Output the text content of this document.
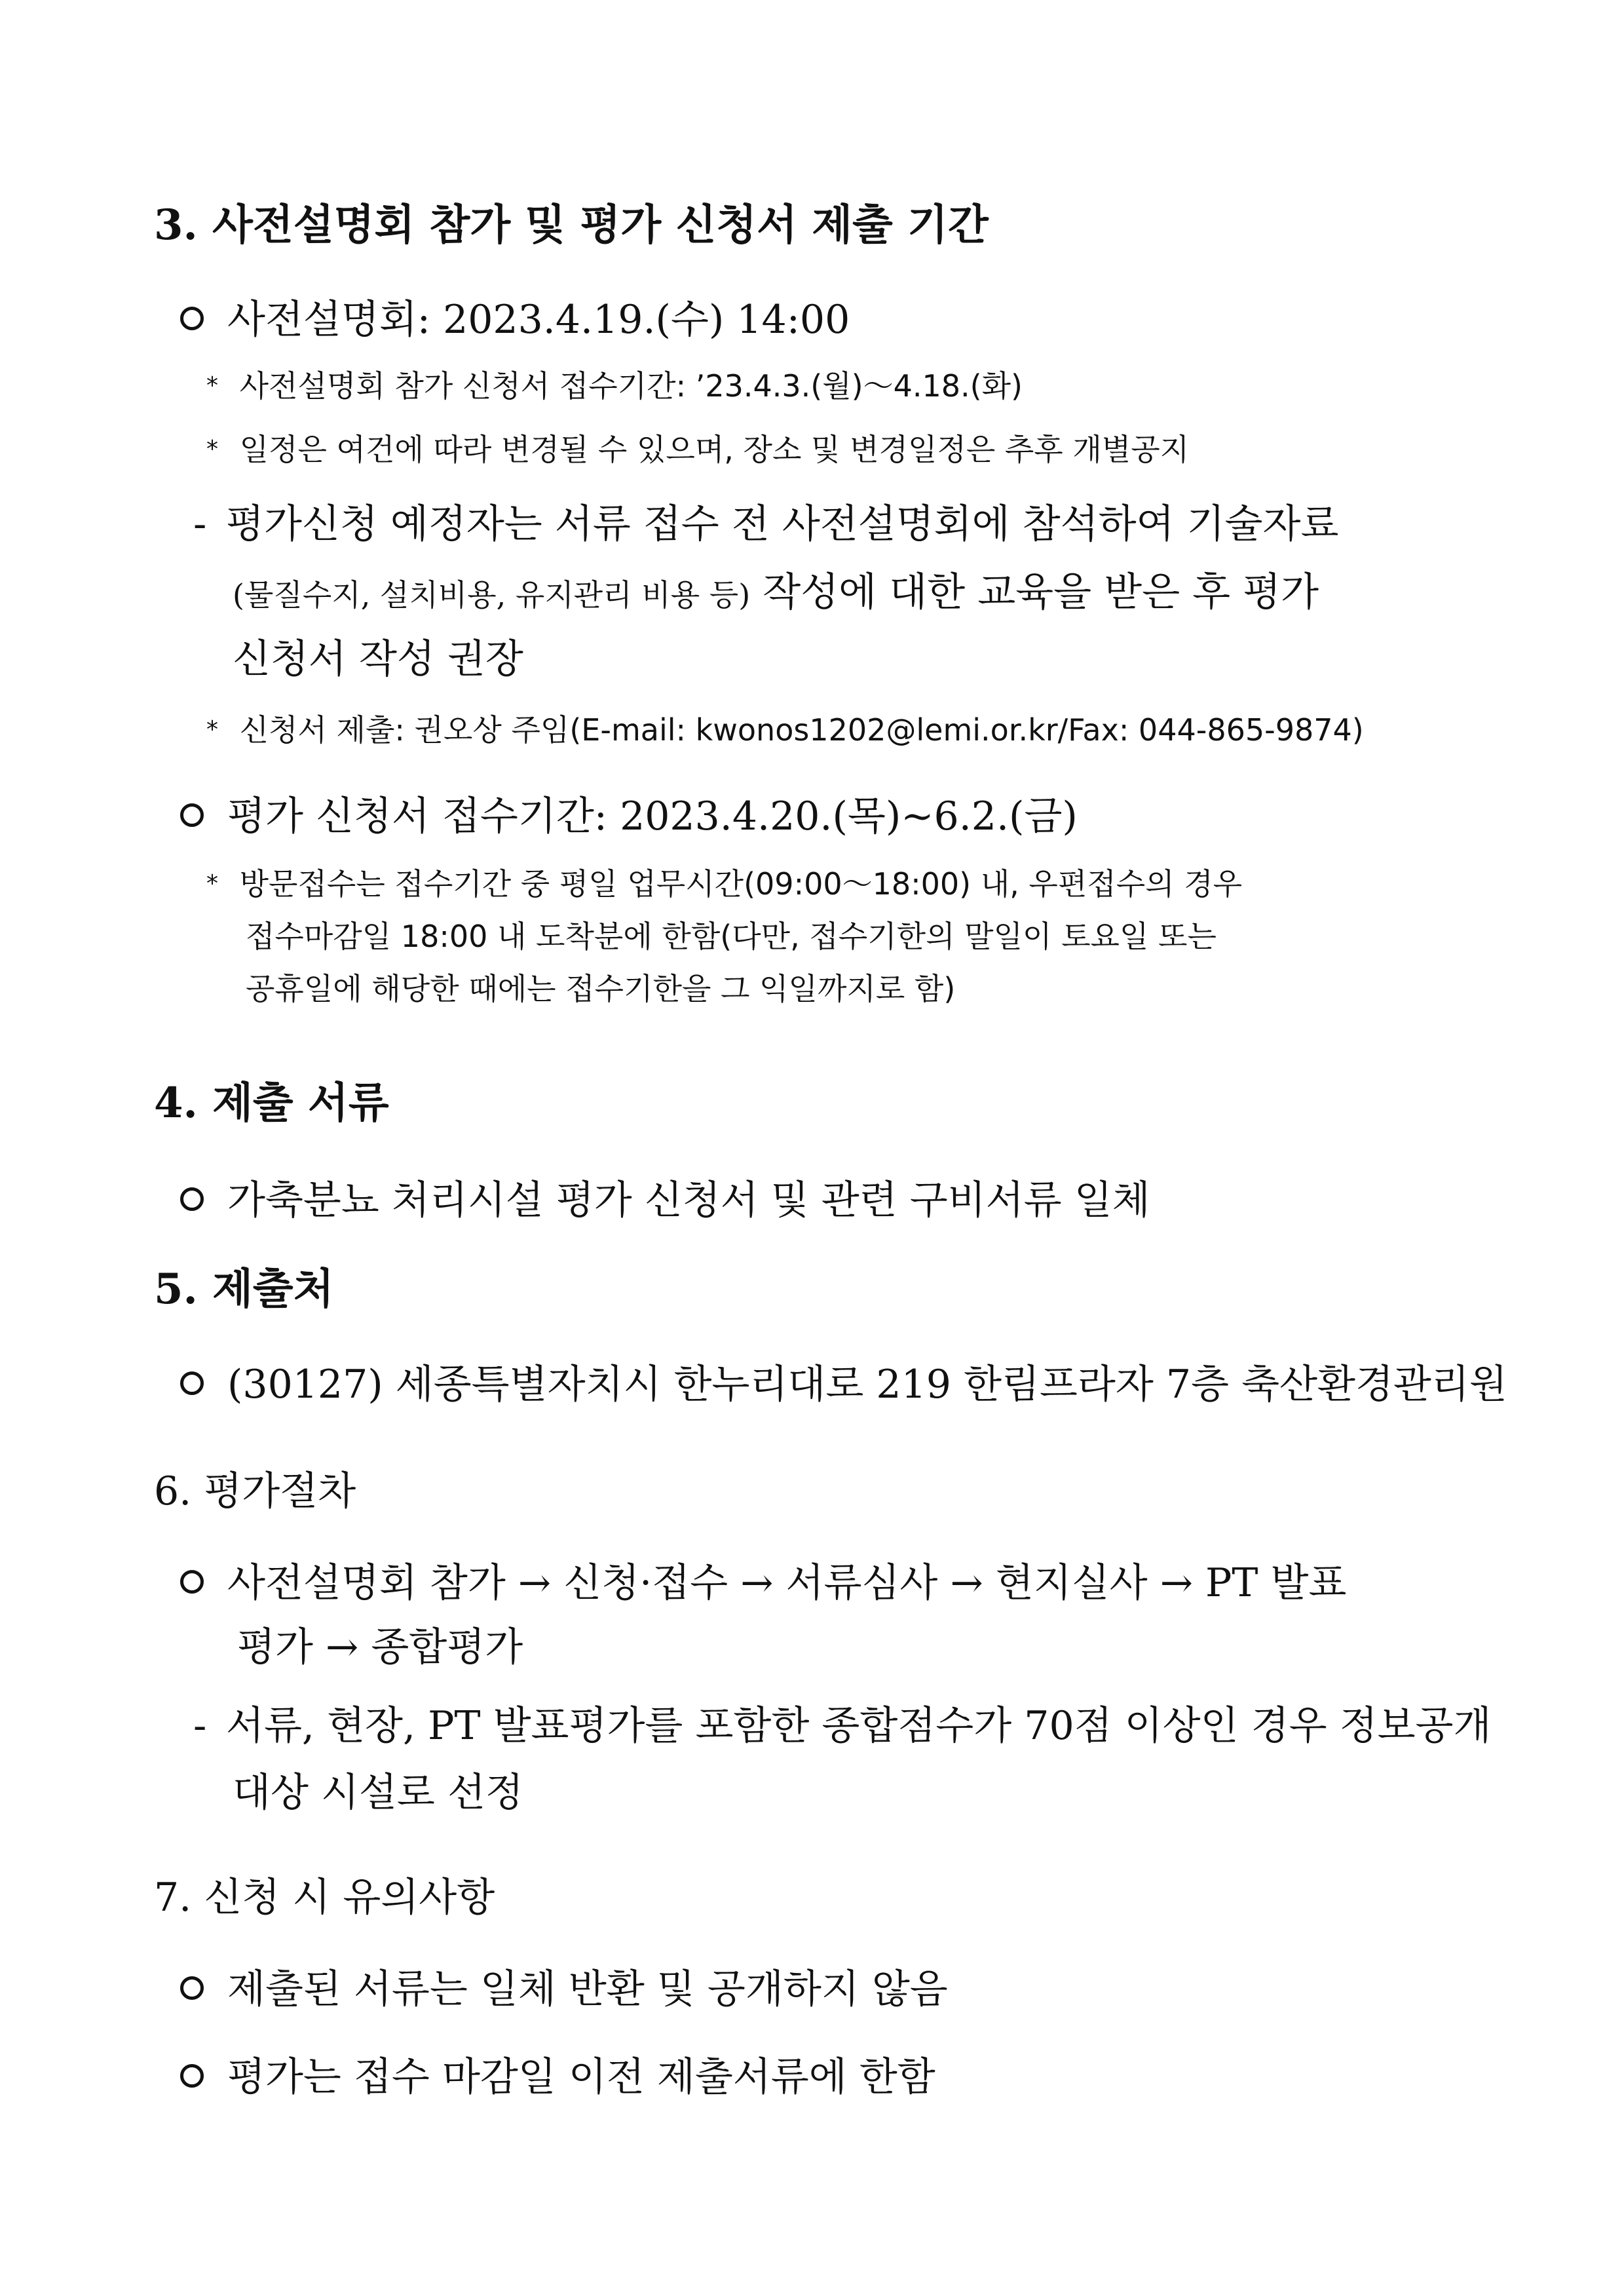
3. 사전설명회 참가 및 평가 신청서 제출 기간
사전설명회: 2023.4.19.(수) 14:00
* 사전설명회 참가 신청서 접수기간: ’23.4.3.(월)～4.18.(화)
* 일정은 여건에 따라 변경될 수 있으며, 장소 및 변경일정은 추후 개별공지
- 평가신청 예정자는 서류 접수 전 사전설명회에 참석하여 기술자료
(물질수지, 설치비용, 유지관리 비용 등) 작성에 대한 교육을 받은 후 평가
신청서 작성 권장
* 신청서 제출: 권오상 주임(E-mail: kwonos1202@lemi.or.kr/Fax: 044-865-9874)
평가 신청서 접수기간: 2023.4.20.(목)~6.2.(금)
* 방문접수는 접수기간 중 평일 업무시간(09:00～18:00) 내, 우편접수의 경우
접수마감일 18:00 내 도착분에 한함(다만, 접수기한의 말일이 토요일 또는
공휴일에 해당한 때에는 접수기한을 그 익일까지로 함)
4. 제출 서류
가축분뇨 처리시설 평가 신청서 및 관련 구비서류 일체
5. 제출처
(30127) 세종특별자치시 한누리대로 219 한림프라자 7층 축산환경관리원
6. 평가절차
사전설명회 참가 → 신청·접수 → 서류심사 → 현지실사 → PT 발표
평가 → 종합평가
- 서류, 현장, PT 발표평가를 포함한 종합점수가 70점 이상인 경우 정보공개
대상 시설로 선정
7. 신청 시 유의사항
제출된 서류는 일체 반환 및 공개하지 않음
평가는 접수 마감일 이전 제출서류에 한함
